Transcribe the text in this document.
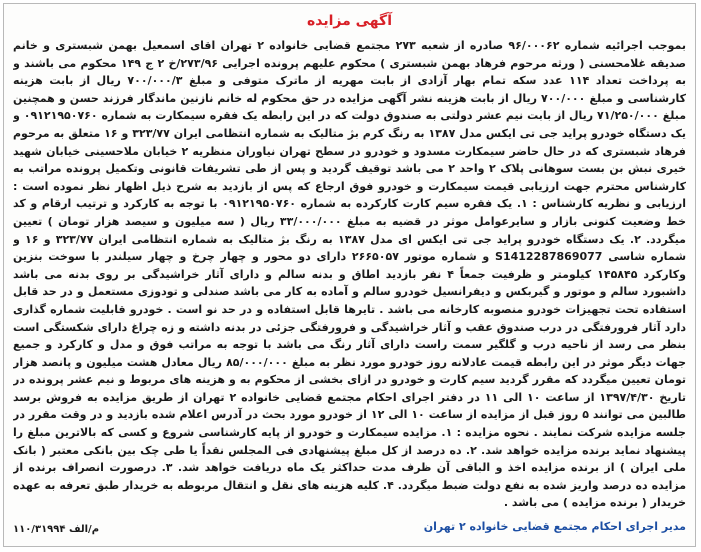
آگهی مزایده
بموجب اجرائیه شماره ۹۶/۰۰۰۶۲ صادره از شعبه ۲۷۳ مجتمع قضایی خانواده ۲ تهران اقای اسمعیل بهمن شبستری و خانم صدیقه غلامحسنی ( ورثه مرحوم فرهاد بهمن شبستری ) محکوم علیهم پرونده اجرایی ۲۷۳/۹۶/خ ۲ ج ۱۴۹ محکوم می باشند و به پرداخت تعداد ۱۱۴ عدد سکه تمام بهار آزادی از بابت مهریه از ماترک متوفی و مبلغ ۷۰۰/۰۰۰/۳ ریال از بابت هزینه کارشناسی و مبلغ ۷۰۰/۰۰۰ ریال از بابت هزینه نشر آگهی مزایده در حق محکوم له خانم نازنین ماندگار فرزند حسن و همچنین مبلغ ۷۱/۲۵۰/۰۰۰ ریال از بابت نیم عشر دولتی به صندوق دولت که در این رابطه یک فقره سیمکارت به شماره ۰۹۱۲۱۹۵۰۷۶۰ و یک دستگاه خودرو پراید جی تی ایکس مدل ۱۳۸۷ به رنگ کرم بژ متالیک به شماره انتظامی ایران ۳۲۳/۷۷ و ۱۶ متعلق به مرحوم فرهاد شبستری که در حال حاضر سیمکارت مسدود و خودرو در سطح تهران نیاوران منظریه ۲ خیابان ملاحسینی خیابان شهید خیری نبش بن بست سوهانی پلاک ۲ واحد ۲ می باشد توقیف گردید و پس از طی تشریفات قانونی وتکمیل پرونده مراتب به کارشناس محترم جهت ارزیابی قیمت سیمکارت و خودرو فوق ارجاع که پس از بازدید به شرح ذیل اظهار نظر نموده است : ارزیابی و نظریه کارشناس : ۱. یک فقره سیم کارت کارکرده به شماره ۰۹۱۲۱۹۵۰۷۶۰ با توجه به کارکرد و ترتیب ارقام و کد خط وضعیت کنونی بازار و سایرعوامل موثر در قضیه به مبلغ ۳۳/۰۰۰/۰۰۰ ریال ( سه میلیون و سیصد هزار تومان ) تعیین میگردد. ۲. یک دستگاه خودرو پراید جی تی ایکس ای مدل ۱۳۸۷ به رنگ بژ متالیک به شماره انتظامی ایران ۳۲۳/۷۷ و ۱۶ و شماره شاسی S1412287869077 و شماره موتور ۲۶۶۵۰۵۷ دارای دو محور و چهار چرخ و چهار سیلندر با سوخت بنزین وکارکرد ۱۴۵۸۴۵ کیلومتر و ظرفیت جمعاً ۴ نفر بازدید اطاق و بدنه سالم و دارای آثار خراشیدگی بر روی بدنه می باشد داشبورد سالم و موتور و گیربکس و دیفرانسیل خودرو سالم و آماده به کار می باشد صندلی و تودوزی مستعمل و در حد قابل استفاده تحت تجهیزات خودرو منصوبه کارخانه می باشد . تایرها قابل استفاده و در حد نو است . خودرو قابلیت شماره گذاری دارد آثار فرورفتگی در درب صندوق عقب و آثار خراشیدگی و فرورفتگی جزئی در بدنه داشته و زه چراغ دارای شکستگی است بنظر می رسد از ناحیه درب و گلگیر سمت راست دارای آثار رنگ می باشد با توجه به مراتب فوق و مدل و کارکرد و جمیع جهات دیگر موثر در این رابطه قیمت عادلانه روز خودرو مورد نظر به مبلغ ۸۵/۰۰۰/۰۰۰ ریال معادل هشت میلیون و پانصد هزار تومان تعیین میگردد که مقرر گردید سیم کارت و خودرو در ازای بخشی از محکوم به و هزینه های مربوط و نیم عشر پرونده در تاریخ ۱۳۹۷/۴/۳۰ از ساعت ۱۰ الی ۱۱ در دفتر اجرای احکام مجتمع قضایی خانواده ۲ تهران از طریق مزایده به فروش برسد طالبین می توانند ۵ روز قبل از مزایده از ساعت ۱۰ الی ۱۲ از خودرو مورد بحث در آدرس اعلام شده بازدید و در وقت مقرر در جلسه مزایده شرکت نمایند . نحوه مزایده : ۱. مزایده سیمکارت و خودرو از پایه کارشناسی شروع و کسی که بالاترین مبلغ را پیشنهاد نماید برنده مزایده خواهد شد. ۲. ده درصد از کل مبلغ پیشنهادی فی المجلس نقداً یا طی چک بین بانکی معتبر ( بانک ملی ایران ) از برنده مزایده اخذ و الباقی آن ظرف مدت حداکثر یک ماه دریافت خواهد شد. ۳. درصورت انصراف برنده از مزایده ده درصد واریز شده به نفع دولت ضبط میگردد. ۴. کلیه هزینه های نقل و انتقال مربوطه به خریدار طبق تعرفه به عهده خریدار ( برنده مزایده ) می باشد .
مدیر اجرای احکام مجتمع قضایی خانواده ۲ تهران
۱۱۰/۳۱۹۹۴ م/الف
